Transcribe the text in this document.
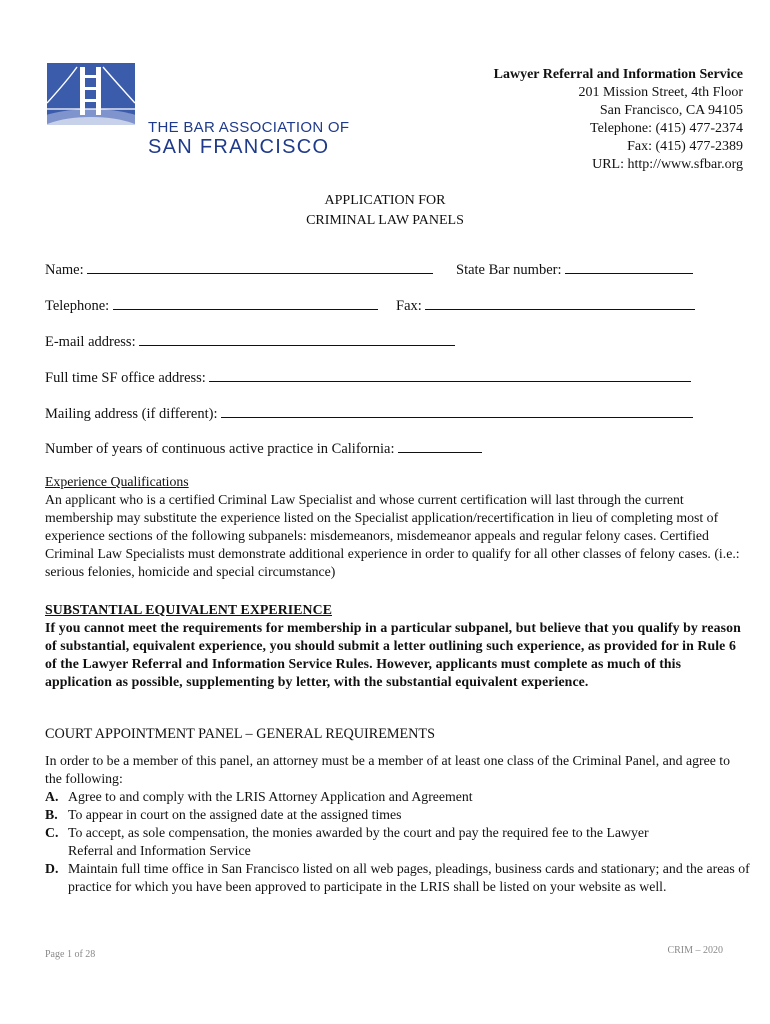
THE BAR ASSOCIATION OF
SAN FRANCISCO
Lawyer Referral and Information Service
201 Mission Street, 4th Floor
San Francisco, CA 94105
Telephone: (415) 477-2374
Fax: (415) 477-2389
URL: http://www.sfbar.org
APPLICATION FOR
CRIMINAL LAW PANELS
Name:	State Bar number:
Telephone:	Fax:
E-mail address:
Full time SF office address:
Mailing address (if different):
Number of years of continuous active practice in California:
Experience Qualifications
An applicant who is a certified Criminal Law Specialist and whose current certification will last through the current membership may substitute the experience listed on the Specialist application/recertification in lieu of completing most of experience sections of the following subpanels: misdemeanors, misdemeanor appeals and regular felony cases. Certified Criminal Law Specialists must demonstrate additional experience in order to qualify for all other classes of felony cases. (i.e.: serious felonies, homicide and special circumstance)
SUBSTANTIAL EQUIVALENT EXPERIENCE
If you cannot meet the requirements for membership in a particular subpanel, but believe that you qualify by reason of substantial, equivalent experience, you should submit a letter outlining such experience, as provided for in Rule 6 of the Lawyer Referral and Information Service Rules. However, applicants must complete as much of this application as possible, supplementing by letter, with the substantial equivalent experience.
COURT APPOINTMENT PANEL – GENERAL REQUIREMENTS
In order to be a member of this panel, an attorney must be a member of at least one class of the Criminal Panel, and agree to the following:
A. Agree to and comply with the LRIS Attorney Application and Agreement
B. To appear in court on the assigned date at the assigned times
C. To accept, as sole compensation, the monies awarded by the court and pay the required fee to the Lawyer Referral and Information Service
D. Maintain full time office in San Francisco listed on all web pages, pleadings, business cards and stationary; and the areas of practice for which you have been approved to participate in the LRIS shall be listed on your website as well.
Page 1 of 28	CRIM – 2020
